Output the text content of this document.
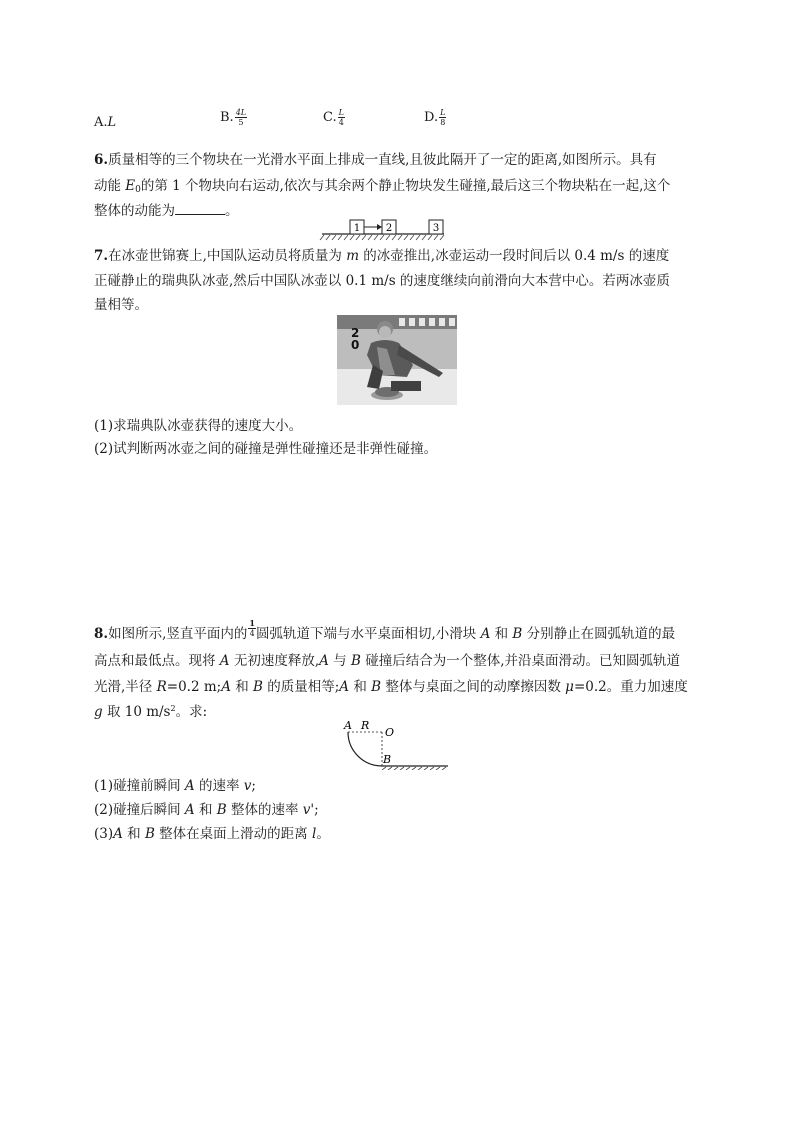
A.L	B. $\frac{4L}{5}$	C. $\frac{L}{4}$	D. $\frac{L}{8}$
6.质量相等的三个物块在一光滑水平面上排成一直线,且彼此隔开了一定的距离,如图所示。具有
动能 $E_0$的第 1 个物块向右运动,依次与其余两个静止物块发生碰撞,最后这三个物块粘在一起,这个
整体的动能为	。
1	2	3
7.在冰壶世锦赛上,中国队运动员将质量为 m 的冰壶推出,冰壶运动一段时间后以 0.4 m/s 的速度
正碰静止的瑞典队冰壶,然后中国队冰壶以 0.1 m/s 的速度继续向前滑向大本营中心。若两冰壶质
量相等。
20
(1)求瑞典队冰壶获得的速度大小。
(2)试判断两冰壶之间的碰撞是弹性碰撞还是非弹性碰撞。
8.如图所示,竖直平面内的 $\frac{1}{4}$ 圆弧轨道下端与水平桌面相切,小滑块 A 和 B 分别静止在圆弧轨道的最
高点和最低点。现将 A 无初速度释放,A 与 B 碰撞后结合为一个整体,并沿桌面滑动。已知圆弧轨道
光滑,半径 R=0.2 m;A 和 B 的质量相等;A 和 B 整体与桌面之间的动摩擦因数 μ=0.2。重力加速度
g 取 10 $m/s^2$。求:
A R
O
B
(1)碰撞前瞬间 A 的速率 v;
(2)碰撞后瞬间 A 和 B 整体的速率 v';
(3)A 和 B 整体在桌面上滑动的距离 l。
